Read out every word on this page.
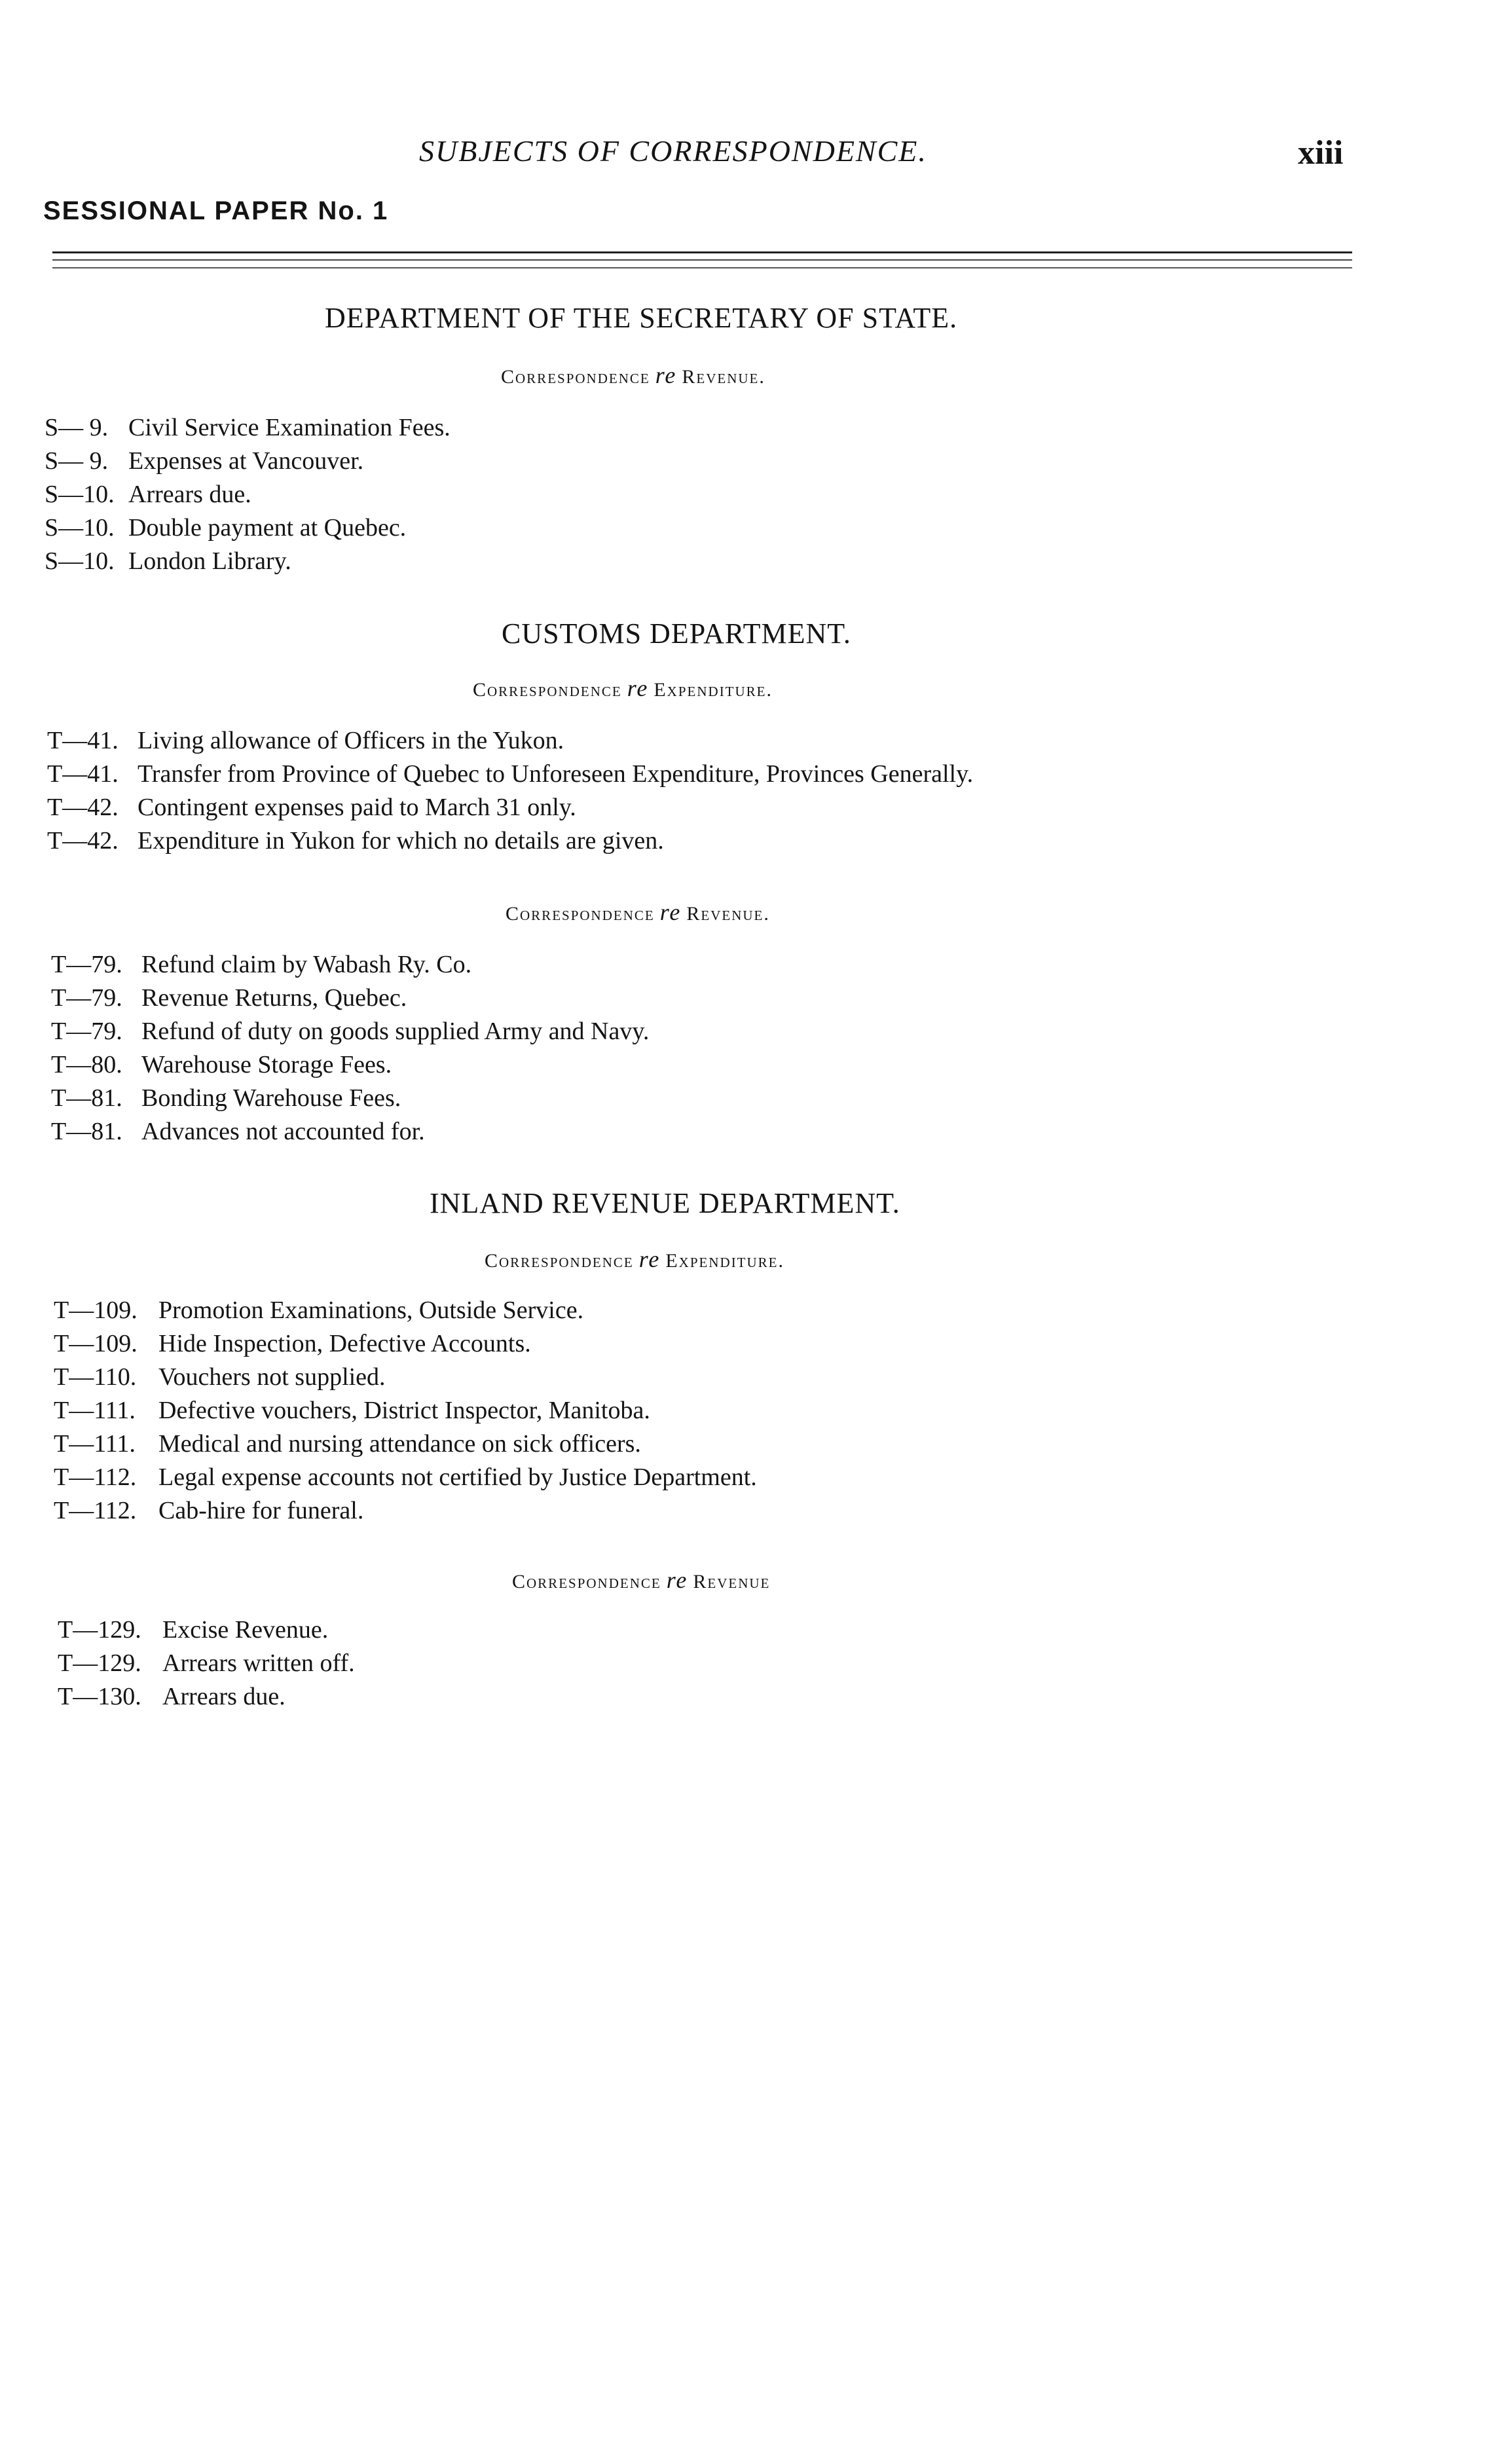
SUBJECTS OF CORRESPONDENCE.	xiii
SESSIONAL PAPER No. 1
DEPARTMENT OF THE SECRETARY OF STATE.
Correspondence re Revenue.
S— 9. Civil Service Examination Fees.
S— 9. Expenses at Vancouver.
S—10. Arrears due.
S—10. Double payment at Quebec.
S—10. London Library.
CUSTOMS DEPARTMENT.
Correspondence re Expenditure.
T—41. Living allowance of Officers in the Yukon.
T—41. Transfer from Province of Quebec to Unforeseen Expenditure, Provinces Generally.
T—42. Contingent expenses paid to March 31 only.
T—42. Expenditure in Yukon for which no details are given.
Correspondence re Revenue.
T—79. Refund claim by Wabash Ry. Co.
T—79. Revenue Returns, Quebec.
T—79. Refund of duty on goods supplied Army and Navy.
T—80. Warehouse Storage Fees.
T—81. Bonding Warehouse Fees.
T—81. Advances not accounted for.
INLAND REVENUE DEPARTMENT.
Correspondence re Expenditure.
T—109. Promotion Examinations, Outside Service.
T—109. Hide Inspection, Defective Accounts.
T—110. Vouchers not supplied.
T—111. Defective vouchers, District Inspector, Manitoba.
T—111. Medical and nursing attendance on sick officers.
T—112. Legal expense accounts not certified by Justice Department.
T—112. Cab-hire for funeral.
Correspondence re Revenue
T—129. Excise Revenue.
T—129. Arrears written off.
T—130. Arrears due.
